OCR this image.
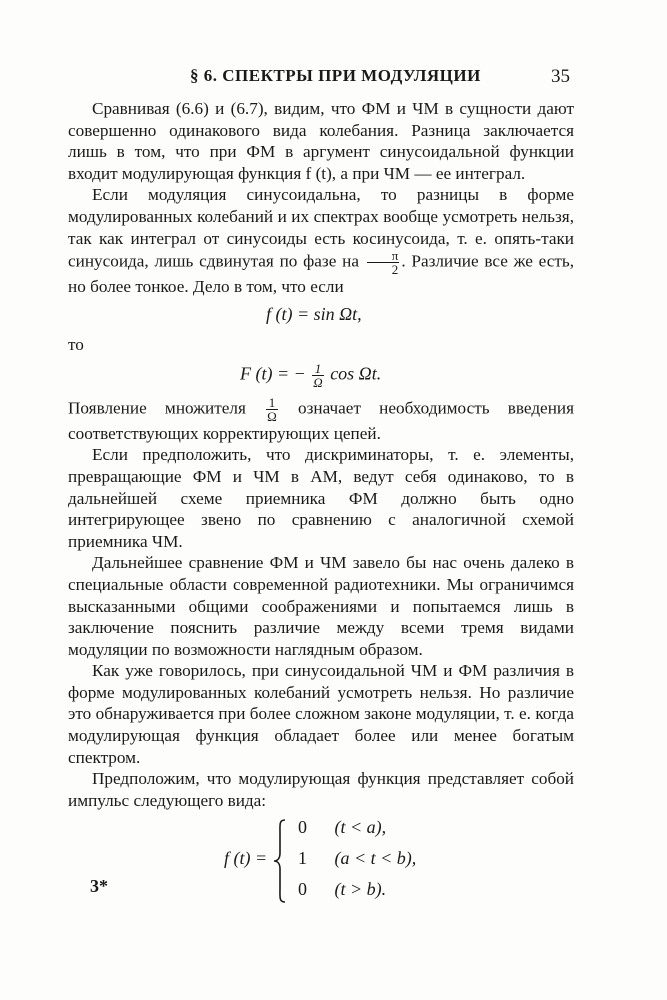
§ 6. СПЕКТРЫ ПРИ МОДУЛЯЦИИ	35

Сравнивая (6.6) и (6.7), видим, что ФМ и ЧМ в сущности дают совершенно одинакового вида колебания. Разница заключается лишь в том, что при ФМ в аргумент синусоидальной функции входит модулирующая функция f (t), а при ЧМ — ее интеграл.

Если модуляция синусоидальна, то разницы в форме модулированных колебаний и их спектрах вообще усмотреть нельзя, так как интеграл от синусоиды есть косинусоида, т. е. опять-таки синусоида, лишь сдвинутая по фазе на $\frac{\pi}{2}$ . Различие все же есть, но более тонкое. Дело в том, что если

f (t) = sin Ωt,

то

F (t) = − $\frac{1}{\Omega}$ cos Ωt.

Появление множителя $\frac{1}{\Omega}$ означает необходимость введения соответствующих корректирующих цепей.

Если предположить, что дискриминаторы, т. е. элементы, превращающие ФМ и ЧМ в АМ, ведут себя одинаково, то в дальнейшей схеме приемника ФМ должно быть одно интегрирующее звено по сравнению с аналогичной схемой приемника ЧМ.

Дальнейшее сравнение ФМ и ЧМ завело бы нас очень далеко в специальные области современной радиотехники. Мы ограничимся высказанными общими соображениями и попытаемся лишь в заключение пояснить различие между всеми тремя видами модуляции по возможности наглядным образом.

Как уже говорилось, при синусоидальной ЧМ и ФМ различия в форме модулированных колебаний усмотреть нельзя. Но различие это обнаруживается при более сложном законе модуляции, т. е. когда модулирующая функция обладает более или менее богатым спектром.

Предположим, что модулирующая функция представляет собой импульс следующего вида:

f (t) =
0 (t < a),
1 (a < t < b),
0 (t > b).
3*
